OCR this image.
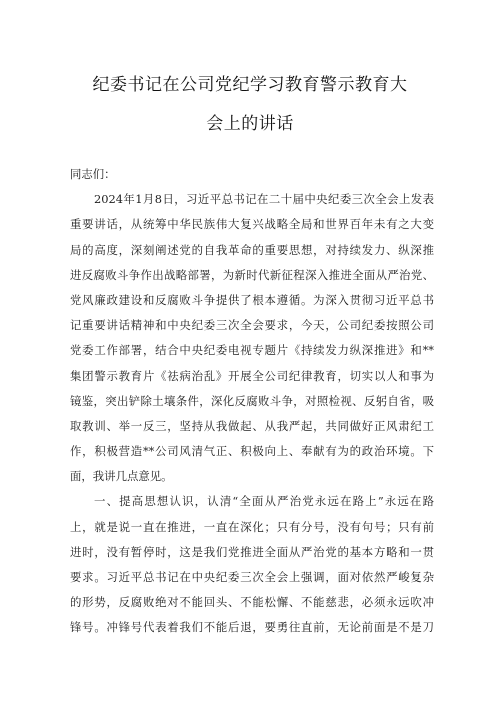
纪委书记在公司党纪学习教育警示教育大
会上的讲话
同志们：
2024年1月8日，习近平总书记在二十届中央纪委三次全会上发表
重要讲话，从统筹中华民族伟大复兴战略全局和世界百年未有之大变
局的高度，深刻阐述党的自我革命的重要思想，对持续发力、纵深推
进反腐败斗争作出战略部署，为新时代新征程深入推进全面从严治党、
党风廉政建设和反腐败斗争提供了根本遵循。为深入贯彻习近平总书
记重要讲话精神和中央纪委三次全会要求，今天，公司纪委按照公司
党委工作部署，结合中央纪委电视专题片《持续发力纵深推进》和**
集团警示教育片《祛病治乱》开展全公司纪律教育，切实以人和事为
镜鉴，突出铲除土壤条件，深化反腐败斗争，对照检视、反躬自省，吸
取教训、举一反三，坚持从我做起、从我严起，共同做好正风肃纪工
作，积极营造**公司风清气正、积极向上、奉献有为的政治环境。下
面，我讲几点意见。
一、提高思想认识，认清“全面从严治党永远在路上”永远在路
上，就是说一直在推进，一直在深化；只有分号，没有句号；只有前
进时，没有暂停时，这是我们党推进全面从严治党的基本方略和一贯
要求。习近平总书记在中央纪委三次全会上强调，面对依然严峻复杂
的形势，反腐败绝对不能回头、不能松懈、不能慈悲，必须永远吹冲
锋号。冲锋号代表着我们不能后退，要勇往直前，无论前面是不是刀
